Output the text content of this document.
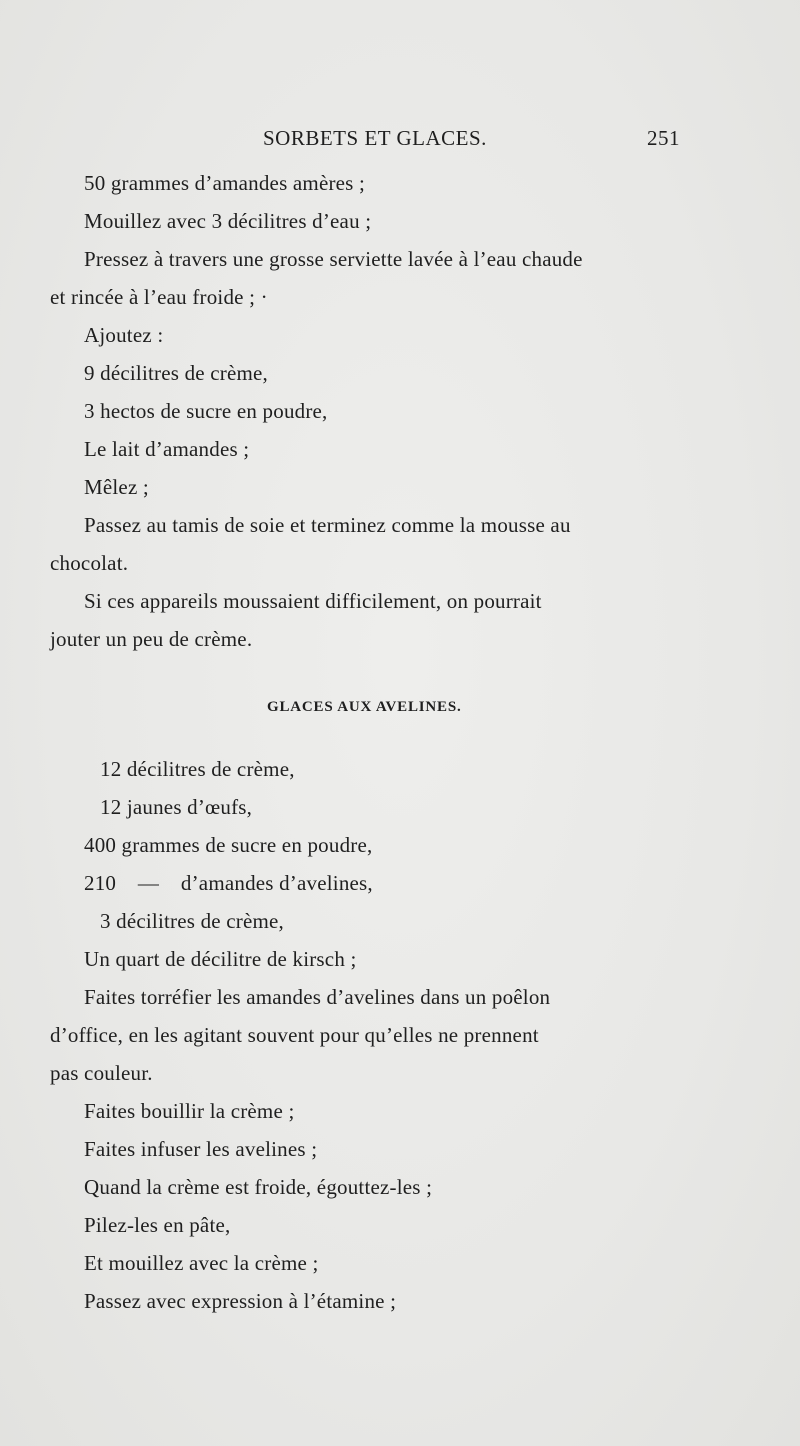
SORBETS ET GLACES.	251
50 grammes d’amandes amères ;
Mouillez avec 3 décilitres d’eau ;
Pressez à travers une grosse serviette lavée à l’eau chaude
et rincée à l’eau froide ; ·
Ajoutez :
9 décilitres de crème,
3 hectos de sucre en poudre,
Le lait d’amandes ;
Mêlez ;
Passez au tamis de soie et terminez comme la mousse au
chocolat.
Si ces appareils moussaient difficilement, on pourrait
jouter un peu de crème.
GLACES AUX AVELINES.
12 décilitres de crème,
12 jaunes d’œufs,
400 grammes de sucre en poudre,
210    —    d’amandes d’avelines,
3 décilitres de crème,
Un quart de décilitre de kirsch ;
Faites torréfier les amandes d’avelines dans un poêlon
d’office, en les agitant souvent pour qu’elles ne prennent
pas couleur.
Faites bouillir la crème ;
Faites infuser les avelines ;
Quand la crème est froide, égouttez-les ;
Pilez-les en pâte,
Et mouillez avec la crème ;
Passez avec expression à l’étamine ;
